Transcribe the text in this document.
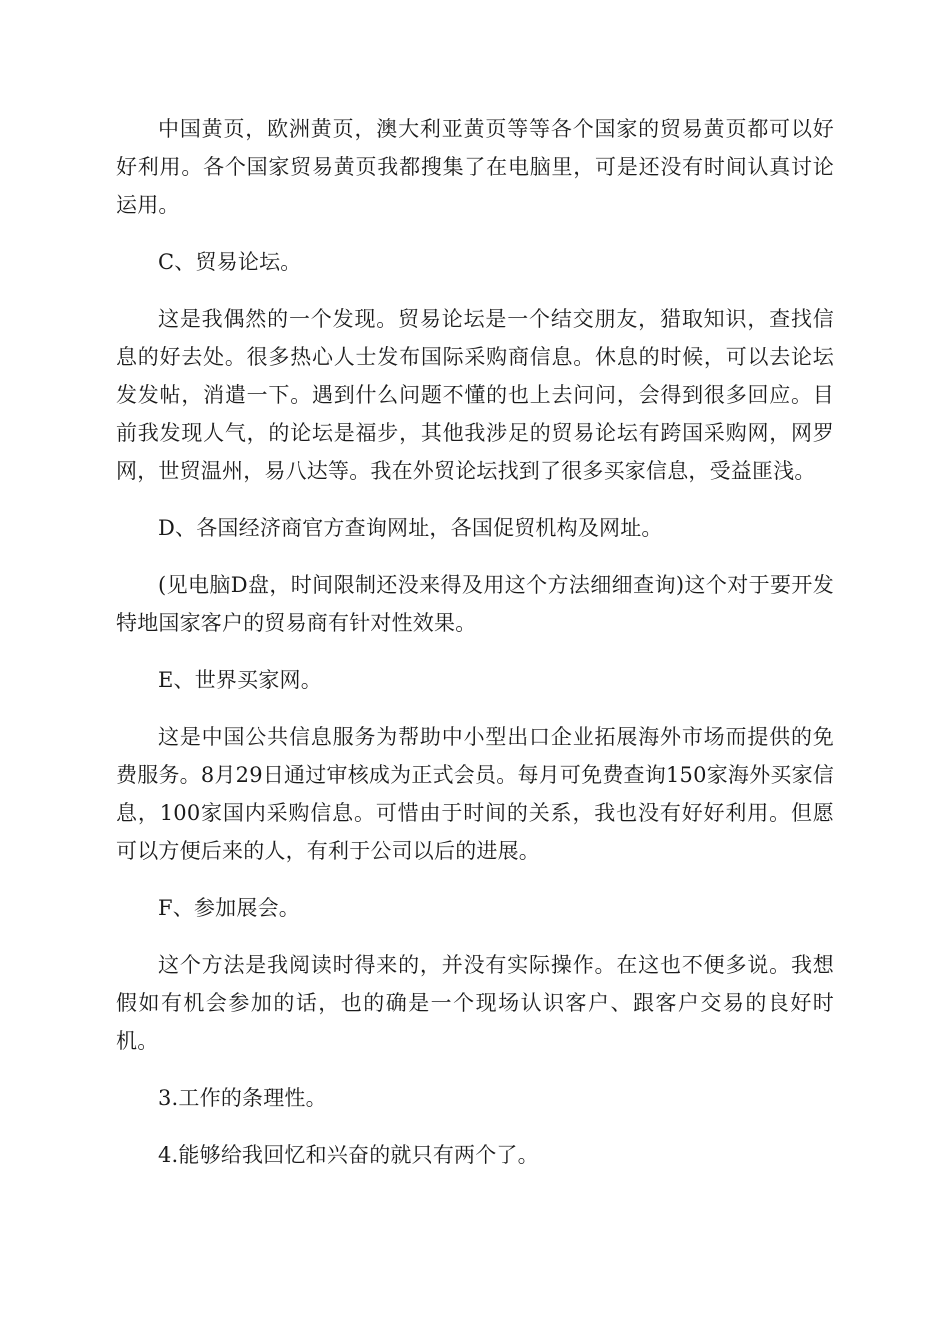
中国黄页，欧洲黄页，澳大利亚黄页等等各个国家的贸易黄页都可以好好利用。各个国家贸易黄页我都搜集了在电脑里，可是还没有时间认真讨论运用。

C、贸易论坛。

这是我偶然的一个发现。贸易论坛是一个结交朋友，猎取知识，查找信息的好去处。很多热心人士发布国际采购商信息。休息的时候，可以去论坛发发帖，消遣一下。遇到什么问题不懂的也上去问问，会得到很多回应。目前我发现人气，的论坛是福步，其他我涉足的贸易论坛有跨国采购网，网罗网，世贸温州，易八达等。我在外贸论坛找到了很多买家信息，受益匪浅。

D、各国经济商官方查询网址，各国促贸机构及网址。

(见电脑D盘，时间限制还没来得及用这个方法细细查询)这个对于要开发特地国家客户的贸易商有针对性效果。

E、世界买家网。

这是中国公共信息服务为帮助中小型出口企业拓展海外市场而提供的免费服务。8月29日通过审核成为正式会员。每月可免费查询150家海外买家信息，100家国内采购信息。可惜由于时间的关系，我也没有好好利用。但愿可以方便后来的人，有利于公司以后的进展。

F、参加展会。

这个方法是我阅读时得来的，并没有实际操作。在这也不便多说。我想假如有机会参加的话，也的确是一个现场认识客户、跟客户交易的良好时机。

3.工作的条理性。

4.能够给我回忆和兴奋的就只有两个了。
